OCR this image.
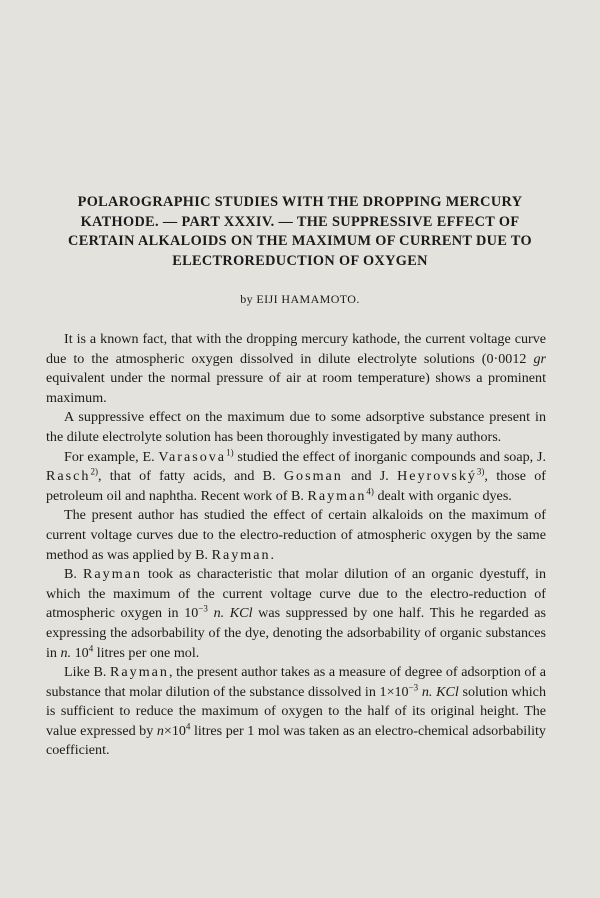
POLAROGRAPHIC STUDIES WITH THE DROPPING MERCURY KATHODE. — PART XXXIV. — THE SUPPRESSIVE EFFECT OF CERTAIN ALKALOIDS ON THE MAXIMUM OF CURRENT DUE TO ELECTROREDUCTION OF OXYGEN
by EIJI HAMAMOTO.

It is a known fact, that with the dropping mercury kathode, the current voltage curve due to the atmospheric oxygen dissolved in dilute electrolyte solutions (0·0012 gr equivalent under the normal pressure of air at room temperature) shows a prominent maximum.

A suppressive effect on the maximum due to some adsorptive substance present in the dilute electrolyte solution has been thoroughly investigated by many authors.

For example, E. Varasova$^{1)}$ studied the effect of inorganic compounds and soap, J. Rasch$^{2)}$, that of fatty acids, and B. Gosman and J. Heyrovský$^{3)}$, those of petroleum oil and naphtha. Recent work of B. Rayman$^{4)}$ dealt with organic dyes.

The present author has studied the effect of certain alkaloids on the maximum of current voltage curves due to the electro-reduction of atmospheric oxygen by the same method as was applied by B. Rayman.

B. Rayman took as characteristic that molar dilution of an organic dyestuff, in which the maximum of the current voltage curve due to the electro-reduction of atmospheric oxygen in $10^{-3}$ n. KCl was suppressed by one half. This he regarded as expressing the adsorbability of the dye, denoting the adsorbability of organic substances in n. $10^4$ litres per one mol.

Like B. Rayman, the present author takes as a measure of degree of adsorption of a substance that molar dilution of the substance dissolved in $1\times 10^{-3}$ n. KCl solution which is sufficient to reduce the maximum of oxygen to the half of its original height. The value expressed by $n\times 10^4$ litres per 1 mol was taken as an electro-chemical adsorbability coefficient.
